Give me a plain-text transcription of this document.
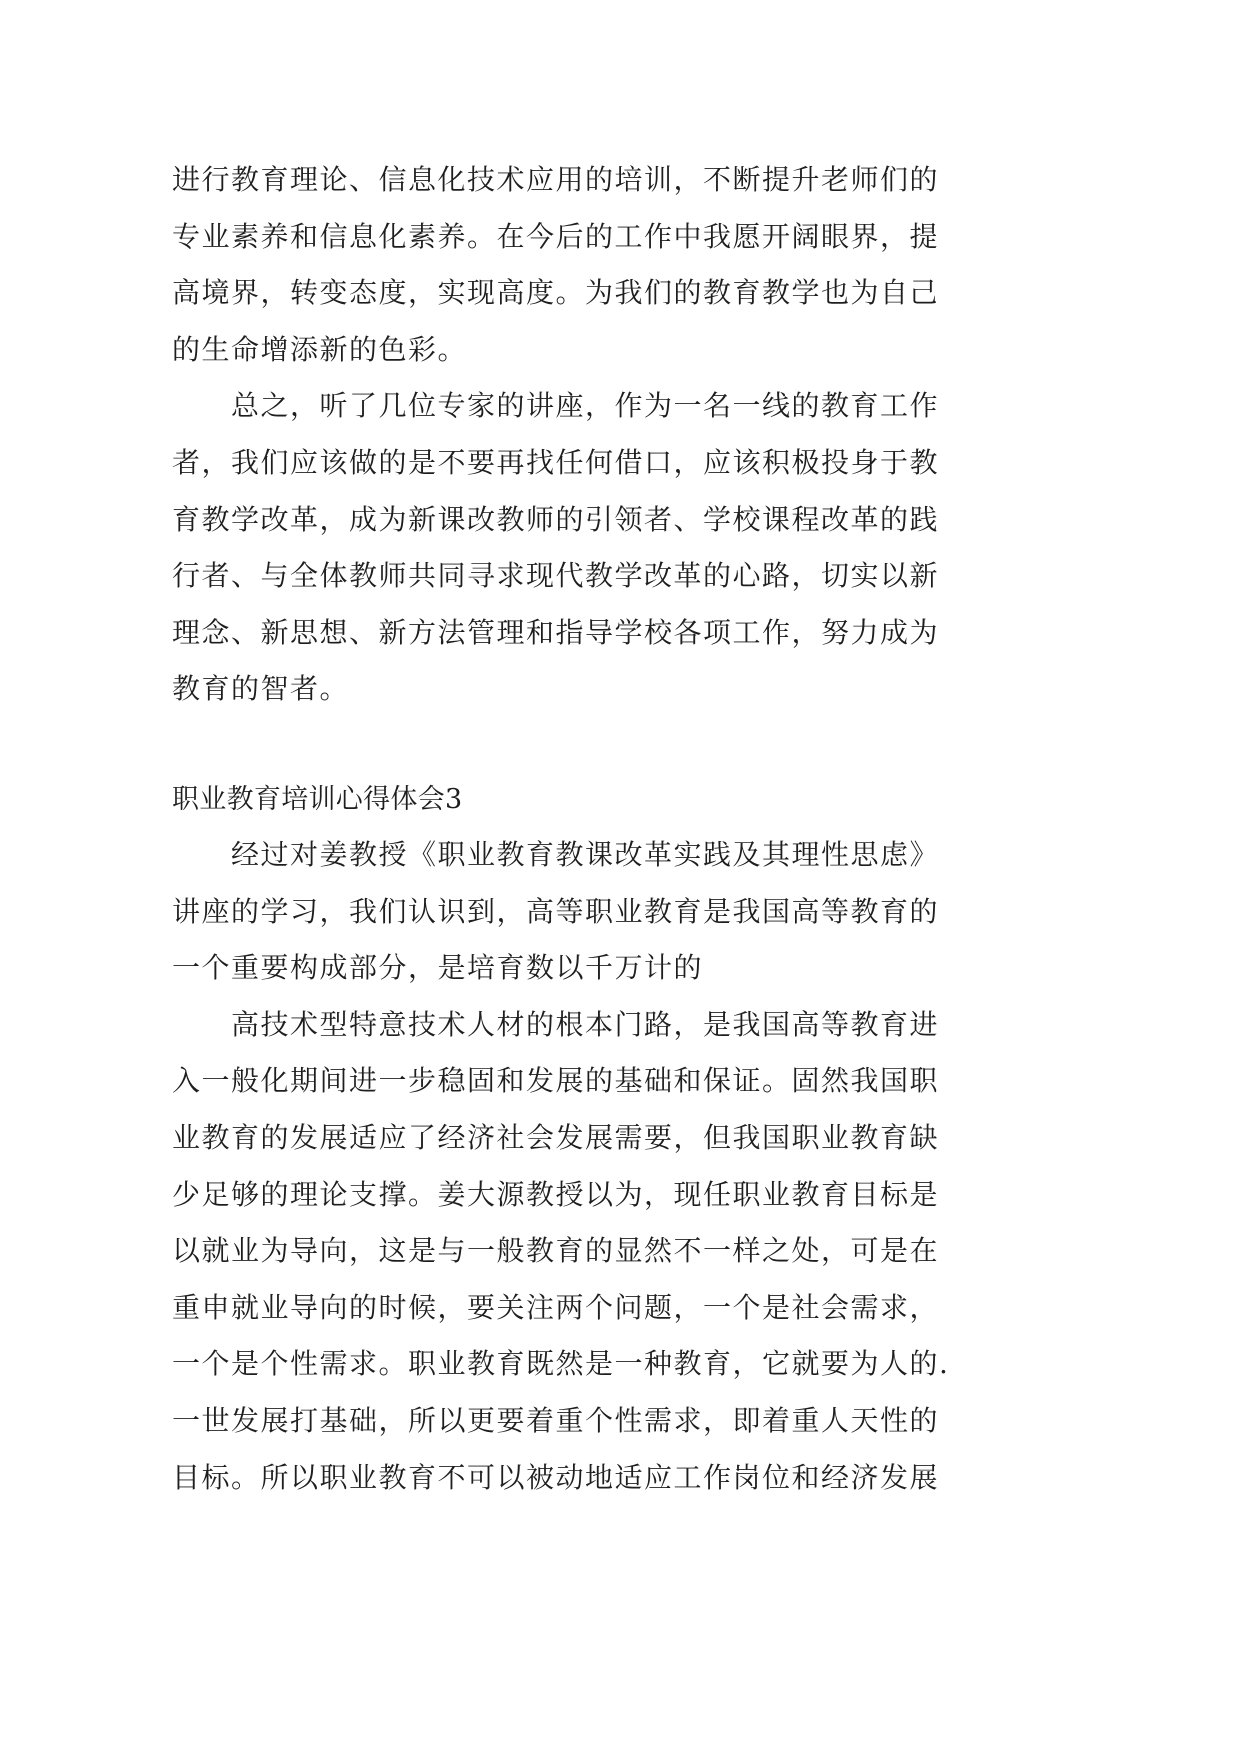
进行教育理论、信息化技术应用的培训，不断提升老师们的
专业素养和信息化素养。在今后的工作中我愿开阔眼界，提
高境界，转变态度，实现高度。为我们的教育教学也为自己
的生命增添新的色彩。
总之，听了几位专家的讲座，作为一名一线的教育工作
者，我们应该做的是不要再找任何借口，应该积极投身于教
育教学改革，成为新课改教师的引领者、学校课程改革的践
行者、与全体教师共同寻求现代教学改革的心路，切实以新
理念、新思想、新方法管理和指导学校各项工作，努力成为
教育的智者。
职业教育培训心得体会3
经过对姜教授《职业教育教课改革实践及其理性思虑》
讲座的学习，我们认识到，高等职业教育是我国高等教育的
一个重要构成部分，是培育数以千万计的
高技术型特意技术人材的根本门路，是我国高等教育进
入一般化期间进一步稳固和发展的基础和保证。固然我国职
业教育的发展适应了经济社会发展需要，但我国职业教育缺
少足够的理论支撑。姜大源教授以为，现任职业教育目标是
以就业为导向，这是与一般教育的显然不一样之处，可是在
重申就业导向的时候，要关注两个问题，一个是社会需求，
一个是个性需求。职业教育既然是一种教育，它就要为人的.
一世发展打基础，所以更要着重个性需求，即着重人天性的
目标。所以职业教育不可以被动地适应工作岗位和经济发展
